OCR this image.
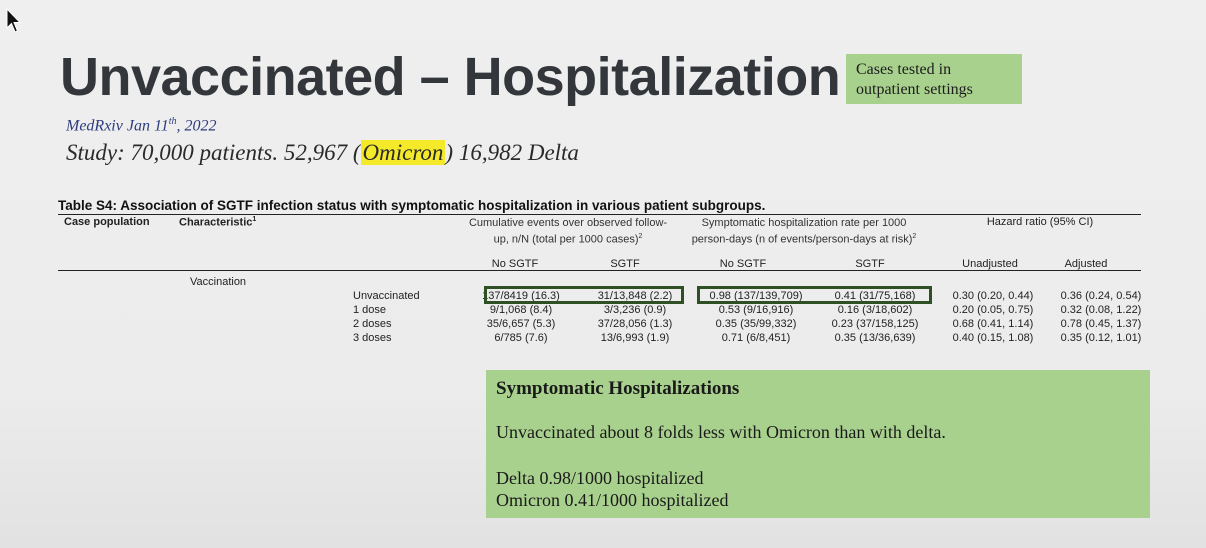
Unvaccinated – Hospitalization Cases tested in outpatient settings
MedRxiv Jan 11th, 2022
Study: 70,000 patients. 52,967 (Omicron) 16,982 Delta
Table S4: Association of SGTF infection status with symptomatic hospitalization in various patient subgroups.
Case population	Characteristic$^1$	Cumulative events over observed follow-up, n/N (total per 1000 cases)$^2$
Symptomatic hospitalization rate per 1000 person-days (n of events/person-days at risk)$^2$
Hazard ratio (95% CI)
No SGTF	SGTF	No SGTF	SGTF	Unadjusted	Adjusted
Vaccination
Unvaccinated	137/8419 (16.3)	31/13,848 (2.2)	0.98 (137/139,709)	0.41 (31/75,168)	0.30 (0.20, 0.44)	0.36 (0.24, 0.54)
1 dose	9/1,068 (8.4)	3/3,236 (0.9)	0.53 (9/16,916)	0.16 (3/18,602)	0.20 (0.05, 0.75)	0.32 (0.08, 1.22)
2 doses	35/6,657 (5.3)	37/28,056 (1.3)	0.35 (35/99,332)	0.23 (37/158,125)	0.68 (0.41, 1.14)	0.78 (0.45, 1.37)
3 doses	6/785 (7.6)	13/6,993 (1.9)	0.71 (6/8,451)	0.35 (13/36,639)	0.40 (0.15, 1.08)	0.35 (0.12, 1.01)
Symptomatic Hospitalizations
Unvaccinated about 8 folds less with Omicron than with delta.
Delta 0.98/1000 hospitalized
Omicron 0.41/1000 hospitalized
